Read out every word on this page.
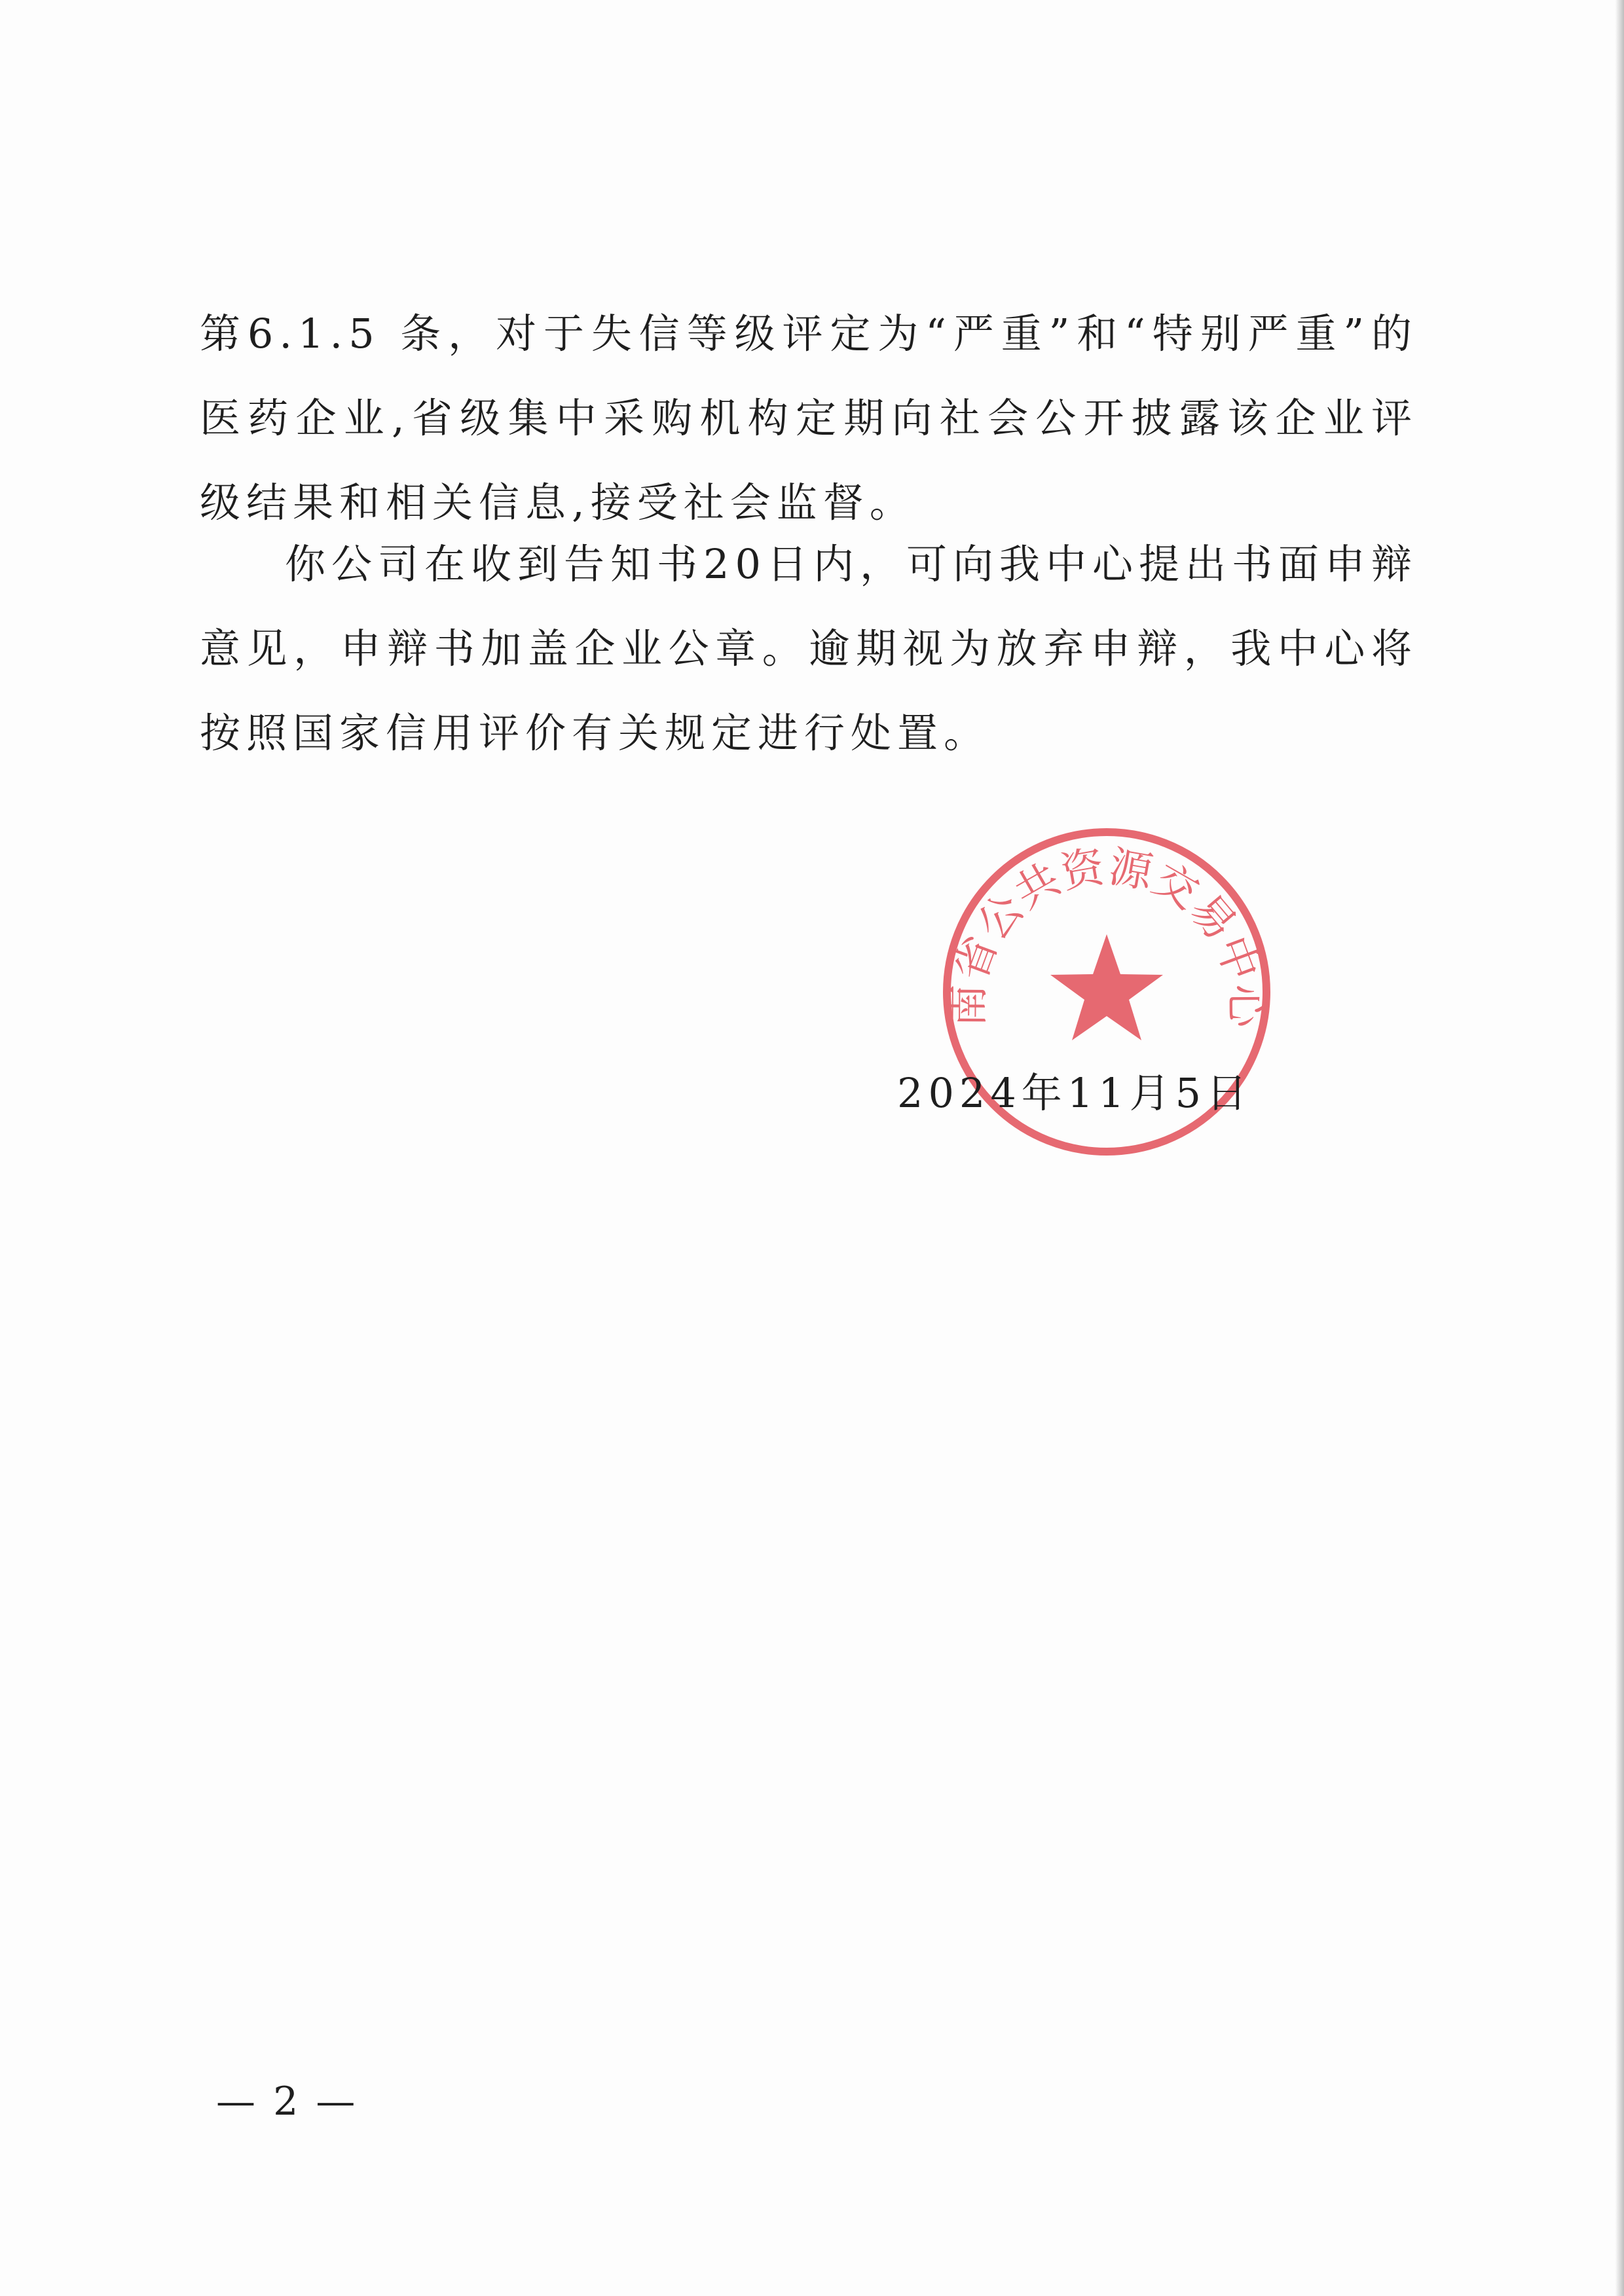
第6.1.5 条，对于失信等级评定为“严重”和“特别严重”的医药企业,省级集中采购机构定期向社会公开披露该企业评级结果和相关信息,接受社会监督。

你公司在收到告知书20日内，可向我中心提出书面申辩意见，申辩书加盖企业公章。逾期视为放弃申辩，我中心将按照国家信用评价有关规定进行处置。

南省公共资源交易中心
2024年11月5日
— 2 —
